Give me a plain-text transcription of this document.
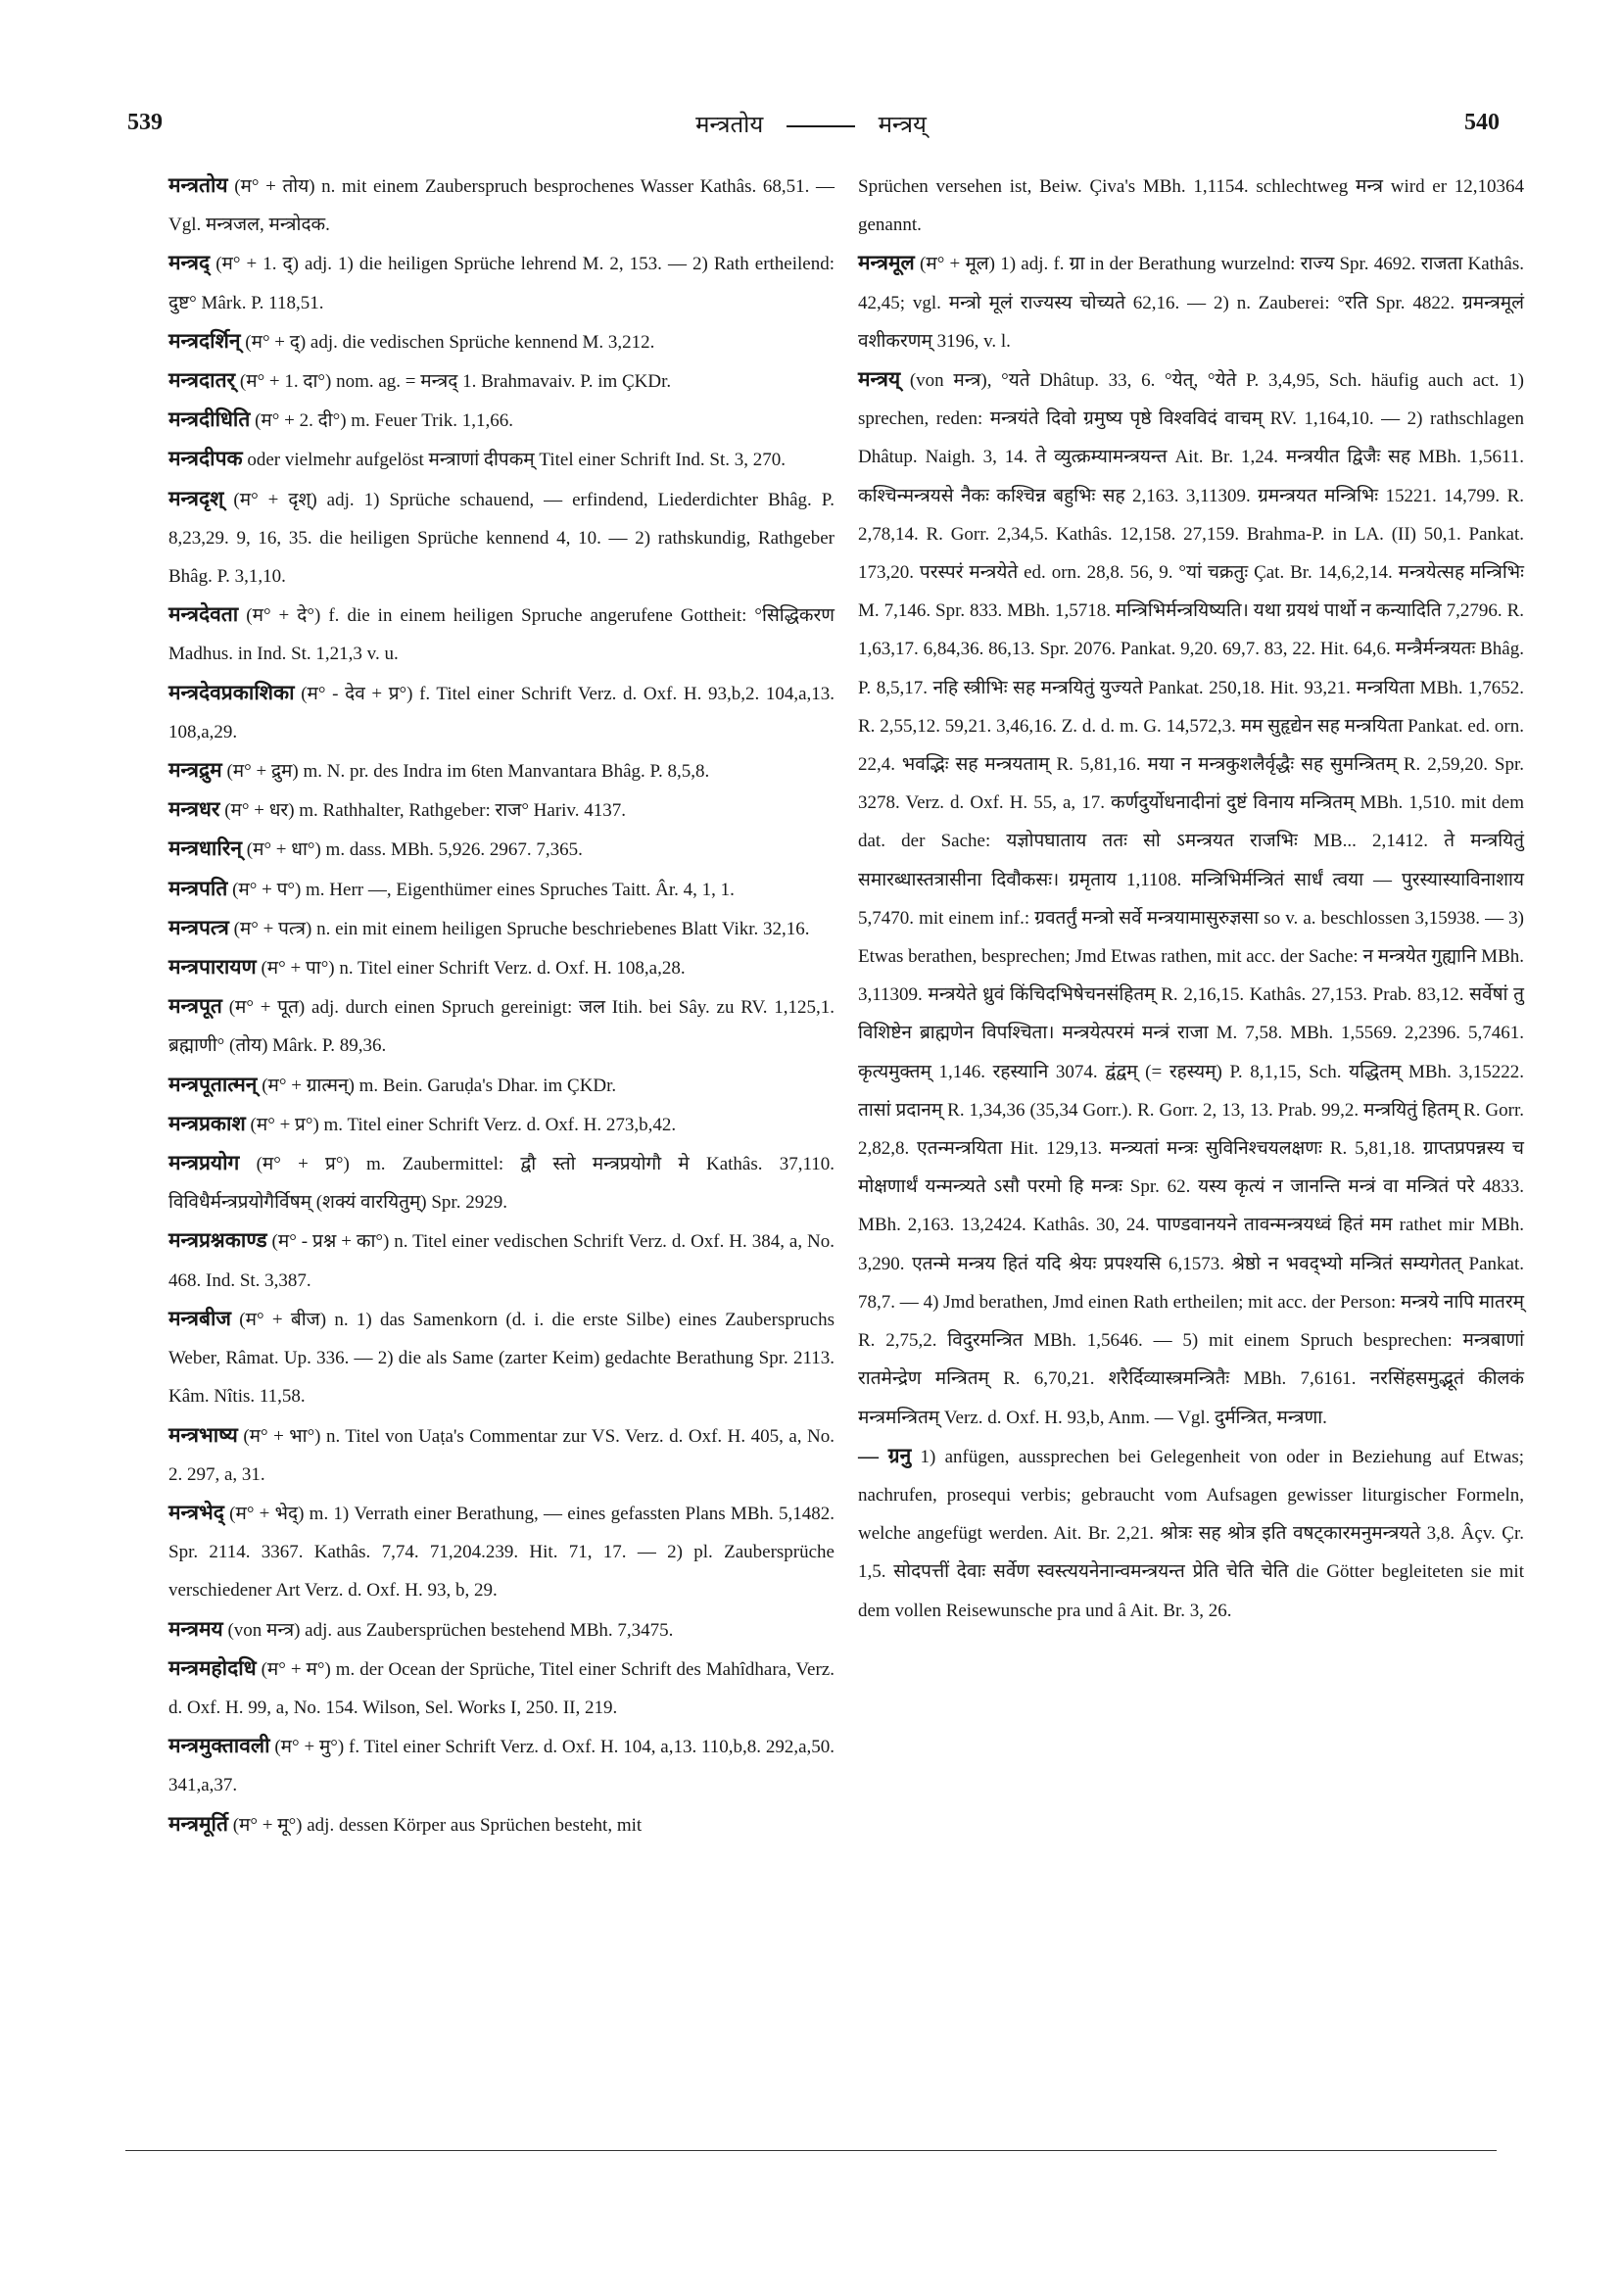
539	मन्त्रतोय	मन्त्रय्	540

मन्त्रतोय (म° + तोय) n. mit einem Zauberspruch besprochenes Wasser Kathâs. 68,51. — Vgl. मन्त्रजल, मन्त्रोदक.

मन्त्रद् (म° + 1. द्) adj. 1) die heiligen Sprüche lehrend M. 2, 153. — 2) Rath ertheilend: दुष्ट° Mârk. P. 118,51.

मन्त्रदर्शिन् (म° + द्) adj. die vedischen Sprüche kennend M. 3,212.

मन्त्रदातर् (म° + 1. दा°) nom. ag. = मन्त्रद् 1. Brahmavaiv. P. im ÇKDr.

मन्त्रदीधिति (म° + 2. दी°) m. Feuer Trik. 1,1,66.

मन्त्रदीपक oder vielmehr aufgelöst मन्त्राणां दीपकम् Titel einer Schrift Ind. St. 3, 270.

मन्त्रदृश् (म° + दृश्) adj. 1) Sprüche schauend, — erfindend, Liederdichter Bhâg. P. 8,23,29. 9, 16, 35. die heiligen Sprüche kennend 4, 10. — 2) rathskundig, Rathgeber Bhâg. P. 3,1,10.

मन्त्रदेवता (म° + दे°) f. die in einem heiligen Spruche angerufene Gottheit: °सिद्धिकरण Madhus. in Ind. St. 1,21,3 v. u.

मन्त्रदेवप्रकाशिका (म° - देव + प्र°) f. Titel einer Schrift Verz. d. Oxf. H. 93,b,2. 104,a,13. 108,a,29.

मन्त्रद्रुम (म° + द्रुम) m. N. pr. des Indra im 6ten Manvantara Bhâg. P. 8,5,8.

मन्त्रधर (म° + धर) m. Rathhalter, Rathgeber: राज° Hariv. 4137.

मन्त्रधारिन् (म° + धा°) m. dass. MBh. 5,926. 2967. 7,365.

मन्त्रपति (म° + प°) m. Herr —, Eigenthümer eines Spruches Taitt. Âr. 4, 1, 1.

मन्त्रपत्त्र (म° + पत्त्र) n. ein mit einem heiligen Spruche beschriebenes Blatt Vikr. 32,16.

मन्त्रपारायण (म° + पा°) n. Titel einer Schrift Verz. d. Oxf. H. 108,a,28.

मन्त्रपूत (म° + पूत) adj. durch einen Spruch gereinigt: जल Itih. bei Sây. zu RV. 1,125,1. ब्रह्माणी° (तोय) Mârk. P. 89,36.

मन्त्रपूतात्मन् (म° + ग्रात्मन्) m. Bein. Garuḍa's Dhar. im ÇKDr.

मन्त्रप्रकाश (म° + प्र°) m. Titel einer Schrift Verz. d. Oxf. H. 273,b,42.

मन्त्रप्रयोग (म° + प्र°) m. Zaubermittel: द्वौ स्तो मन्त्रप्रयोगौ मे Kathâs. 37,110. विविधैर्मन्त्रप्रयोगैर्विषम् (शक्यं वारयितुम्) Spr. 2929.

मन्त्रप्रश्नकाण्ड (म° - प्रश्न + का°) n. Titel einer vedischen Schrift Verz. d. Oxf. H. 384, a, No. 468. Ind. St. 3,387.

मन्त्रबीज (म° + बीज) n. 1) das Samenkorn (d. i. die erste Silbe) eines Zauberspruchs Weber, Râmat. Up. 336. — 2) die als Same (zarter Keim) gedachte Berathung Spr. 2113. Kâm. Nîtis. 11,58.

मन्त्रभाष्य (म° + भा°) n. Titel von Uaṭa's Commentar zur VS. Verz. d. Oxf. H. 405, a, No. 2. 297, a, 31.

मन्त्रभेद् (म° + भेद्) m. 1) Verrath einer Berathung, — eines gefassten Plans MBh. 5,1482. Spr. 2114. 3367. Kathâs. 7,74. 71,204.239. Hit. 71, 17. — 2) pl. Zaubersprüche verschiedener Art Verz. d. Oxf. H. 93, b, 29.

मन्त्रमय (von मन्त्र) adj. aus Zaubersprüchen bestehend MBh. 7,3475.

मन्त्रमहोदधि (म° + म°) m. der Ocean der Sprüche, Titel einer Schrift des Mahîdhara, Verz. d. Oxf. H. 99, a, No. 154. Wilson, Sel. Works I, 250. II, 219.

मन्त्रमुक्तावली (म° + मु°) f. Titel einer Schrift Verz. d. Oxf. H. 104, a,13. 110,b,8. 292,a,50. 341,a,37.

मन्त्रमूर्ति (म° + मू°) adj. dessen Körper aus Sprüchen besteht, mit

Sprüchen versehen ist, Beiw. Çiva's MBh. 1,1154. schlechtweg मन्त्र wird er 12,10364 genannt.

मन्त्रमूल (म° + मूल) 1) adj. f. ग्रा in der Berathung wurzelnd: राज्य Spr. 4692. राजता Kathâs. 42,45; vgl. मन्त्रो मूलं राज्यस्य चोच्यते 62,16. — 2) n. Zauberei: °रति Spr. 4822. ग्रमन्त्रमूलं वशीकरणम् 3196, v. l.

मन्त्रय् (von मन्त्र), °यते Dhâtup. 33, 6. °येत्, °येते P. 3,4,95, Sch. häufig auch act. 1) sprechen, reden: मन्त्रयंते दिवो ग्रमुष्य पृष्ठे विश्वविदं वाचम् RV. 1,164,10. — 2) rathschlagen Dhâtup. Naigh. 3, 14. ते व्युत्क्रम्यामन्त्रयन्त Ait. Br. 1,24. मन्त्रयीत द्विजैः सह MBh. 1,5611. कश्चिन्मन्त्रयसे नैकः कश्चिन्न बहुभिः सह 2,163. 3,11309. ग्रमन्त्रयत मन्त्रिभिः 15221. 14,799. R. 2,78,14. R. Gorr. 2,34,5. Kathâs. 12,158. 27,159. Brahma-P. in LA. (II) 50,1. Pankat. 173,20. परस्परं मन्त्रयेते ed. orn. 28,8. 56, 9. °यां चक्रतुः Çat. Br. 14,6,2,14. मन्त्रयेत्सह मन्त्रिभिः M. 7,146. Spr. 833. MBh. 1,5718. मन्त्रिभिर्मन्त्रयिष्यति। यथा ग्रयथं पार्थो न कन्यादिति 7,2796. R. 1,63,17. 6,84,36. 86,13. Spr. 2076. Pankat. 9,20. 69,7. 83, 22. Hit. 64,6. मन्त्रैर्मन्त्रयतः Bhâg. P. 8,5,17. नहि स्त्रीभिः सह मन्त्रयितुं युज्यते Pankat. 250,18. Hit. 93,21. मन्त्रयिता MBh. 1,7652. R. 2,55,12. 59,21. 3,46,16. Z. d. d. m. G. 14,572,3. मम सुहृद्येन सह मन्त्रयिता Pankat. ed. orn. 22,4. भवद्भिः सह मन्त्रयताम् R. 5,81,16. मया न मन्त्रकुशलैर्वृद्धैः सह सुमन्त्रितम् R. 2,59,20. Spr. 3278. Verz. d. Oxf. H. 55, a, 17. कर्णदुर्योधनादीनां दुष्टं विनाय मन्त्रितम् MBh. 1,510. mit dem dat. der Sache: यज्ञोपघाताय ततः सो ऽमन्त्रयत राजभिः MB... 2,1412. ते मन्त्रयितुं समारब्धास्तत्रासीना दिवौकसः। ग्रमृताय 1,1108. मन्त्रिभिर्मन्त्रितं सार्धं त्वया — पुरस्यास्याविनाशाय 5,7470. mit einem inf.: ग्रवतर्तुं मन्त्रो सर्वे मन्त्रयामासुरुज्ञसा so v. a. beschlossen 3,15938. — 3) Etwas berathen, besprechen; Jmd Etwas rathen, mit acc. der Sache: न मन्त्रयेत गुह्यानि MBh. 3,11309. मन्त्रयेते ध्रुवं किंचिदभिषेचनसंहितम् R. 2,16,15. Kathâs. 27,153. Prab. 83,12. सर्वेषां तु विशिष्टेन ब्राह्मणेन विपश्चिता। मन्त्रयेत्परमं मन्त्रं राजा M. 7,58. MBh. 1,5569. 2,2396. 5,7461. कृत्यमुक्तम् 1,146. रहस्यानि 3074. द्वंद्वम् (= रहस्यम्) P. 8,1,15, Sch. यद्धितम् MBh. 3,15222. तासां प्रदानम् R. 1,34,36 (35,34 Gorr.). R. Gorr. 2, 13, 13. Prab. 99,2. मन्त्रयितुं हितम् R. Gorr. 2,82,8. एतन्मन्त्रयिता Hit. 129,13. मन्त्र्यतां मन्त्रः सुविनिश्चयलक्षणः R. 5,81,18. ग्राप्तप्रपन्नस्य च मोक्षणार्थं यन्मन्त्र्यते ऽसौ परमो हि मन्त्रः Spr. 62. यस्य कृत्यं न जानन्ति मन्त्रं वा मन्त्रितं परे 4833. MBh. 2,163. 13,2424. Kathâs. 30, 24. पाण्डवानयने तावन्मन्त्रयध्वं हितं मम rathet mir MBh. 3,290. एतन्मे मन्त्रय हितं यदि श्रेयः प्रपश्यसि 6,1573. श्रेष्ठो न भवद्भ्यो मन्त्रितं सम्यगेतत् Pankat. 78,7. — 4) Jmd berathen, Jmd einen Rath ertheilen; mit acc. der Person: मन्त्रये नापि मातरम् R. 2,75,2. विदुरमन्त्रित MBh. 1,5646. — 5) mit einem Spruch besprechen: मन्त्रबाणां रातमेन्द्रेण मन्त्रितम् R. 6,70,21. शरैर्दिव्यास्त्रमन्त्रितैः MBh. 7,6161. नरसिंहसमुद्भूतं कीलकं मन्त्रमन्त्रितम् Verz. d. Oxf. H. 93,b, Anm. — Vgl. दुर्मन्त्रित, मन्त्रणा.

— ग्रनु 1) anfügen, aussprechen bei Gelegenheit von oder in Beziehung auf Etwas; nachrufen, prosequi verbis; gebraucht vom Aufsagen gewisser liturgischer Formeln, welche angefügt werden. Ait. Br. 2,21. श्रोत्रः सह श्रोत्र इति वषट्कारमनुमन्त्रयते 3,8. Âçv. Çr. 1,5. सोदपत्तीं देवाः सर्वेण स्वस्त्ययनेनान्वमन्त्रयन्त प्रेति चेति चेति die Götter begleiteten sie mit dem vollen Reisewunsche pra und â Ait. Br. 3, 26.
